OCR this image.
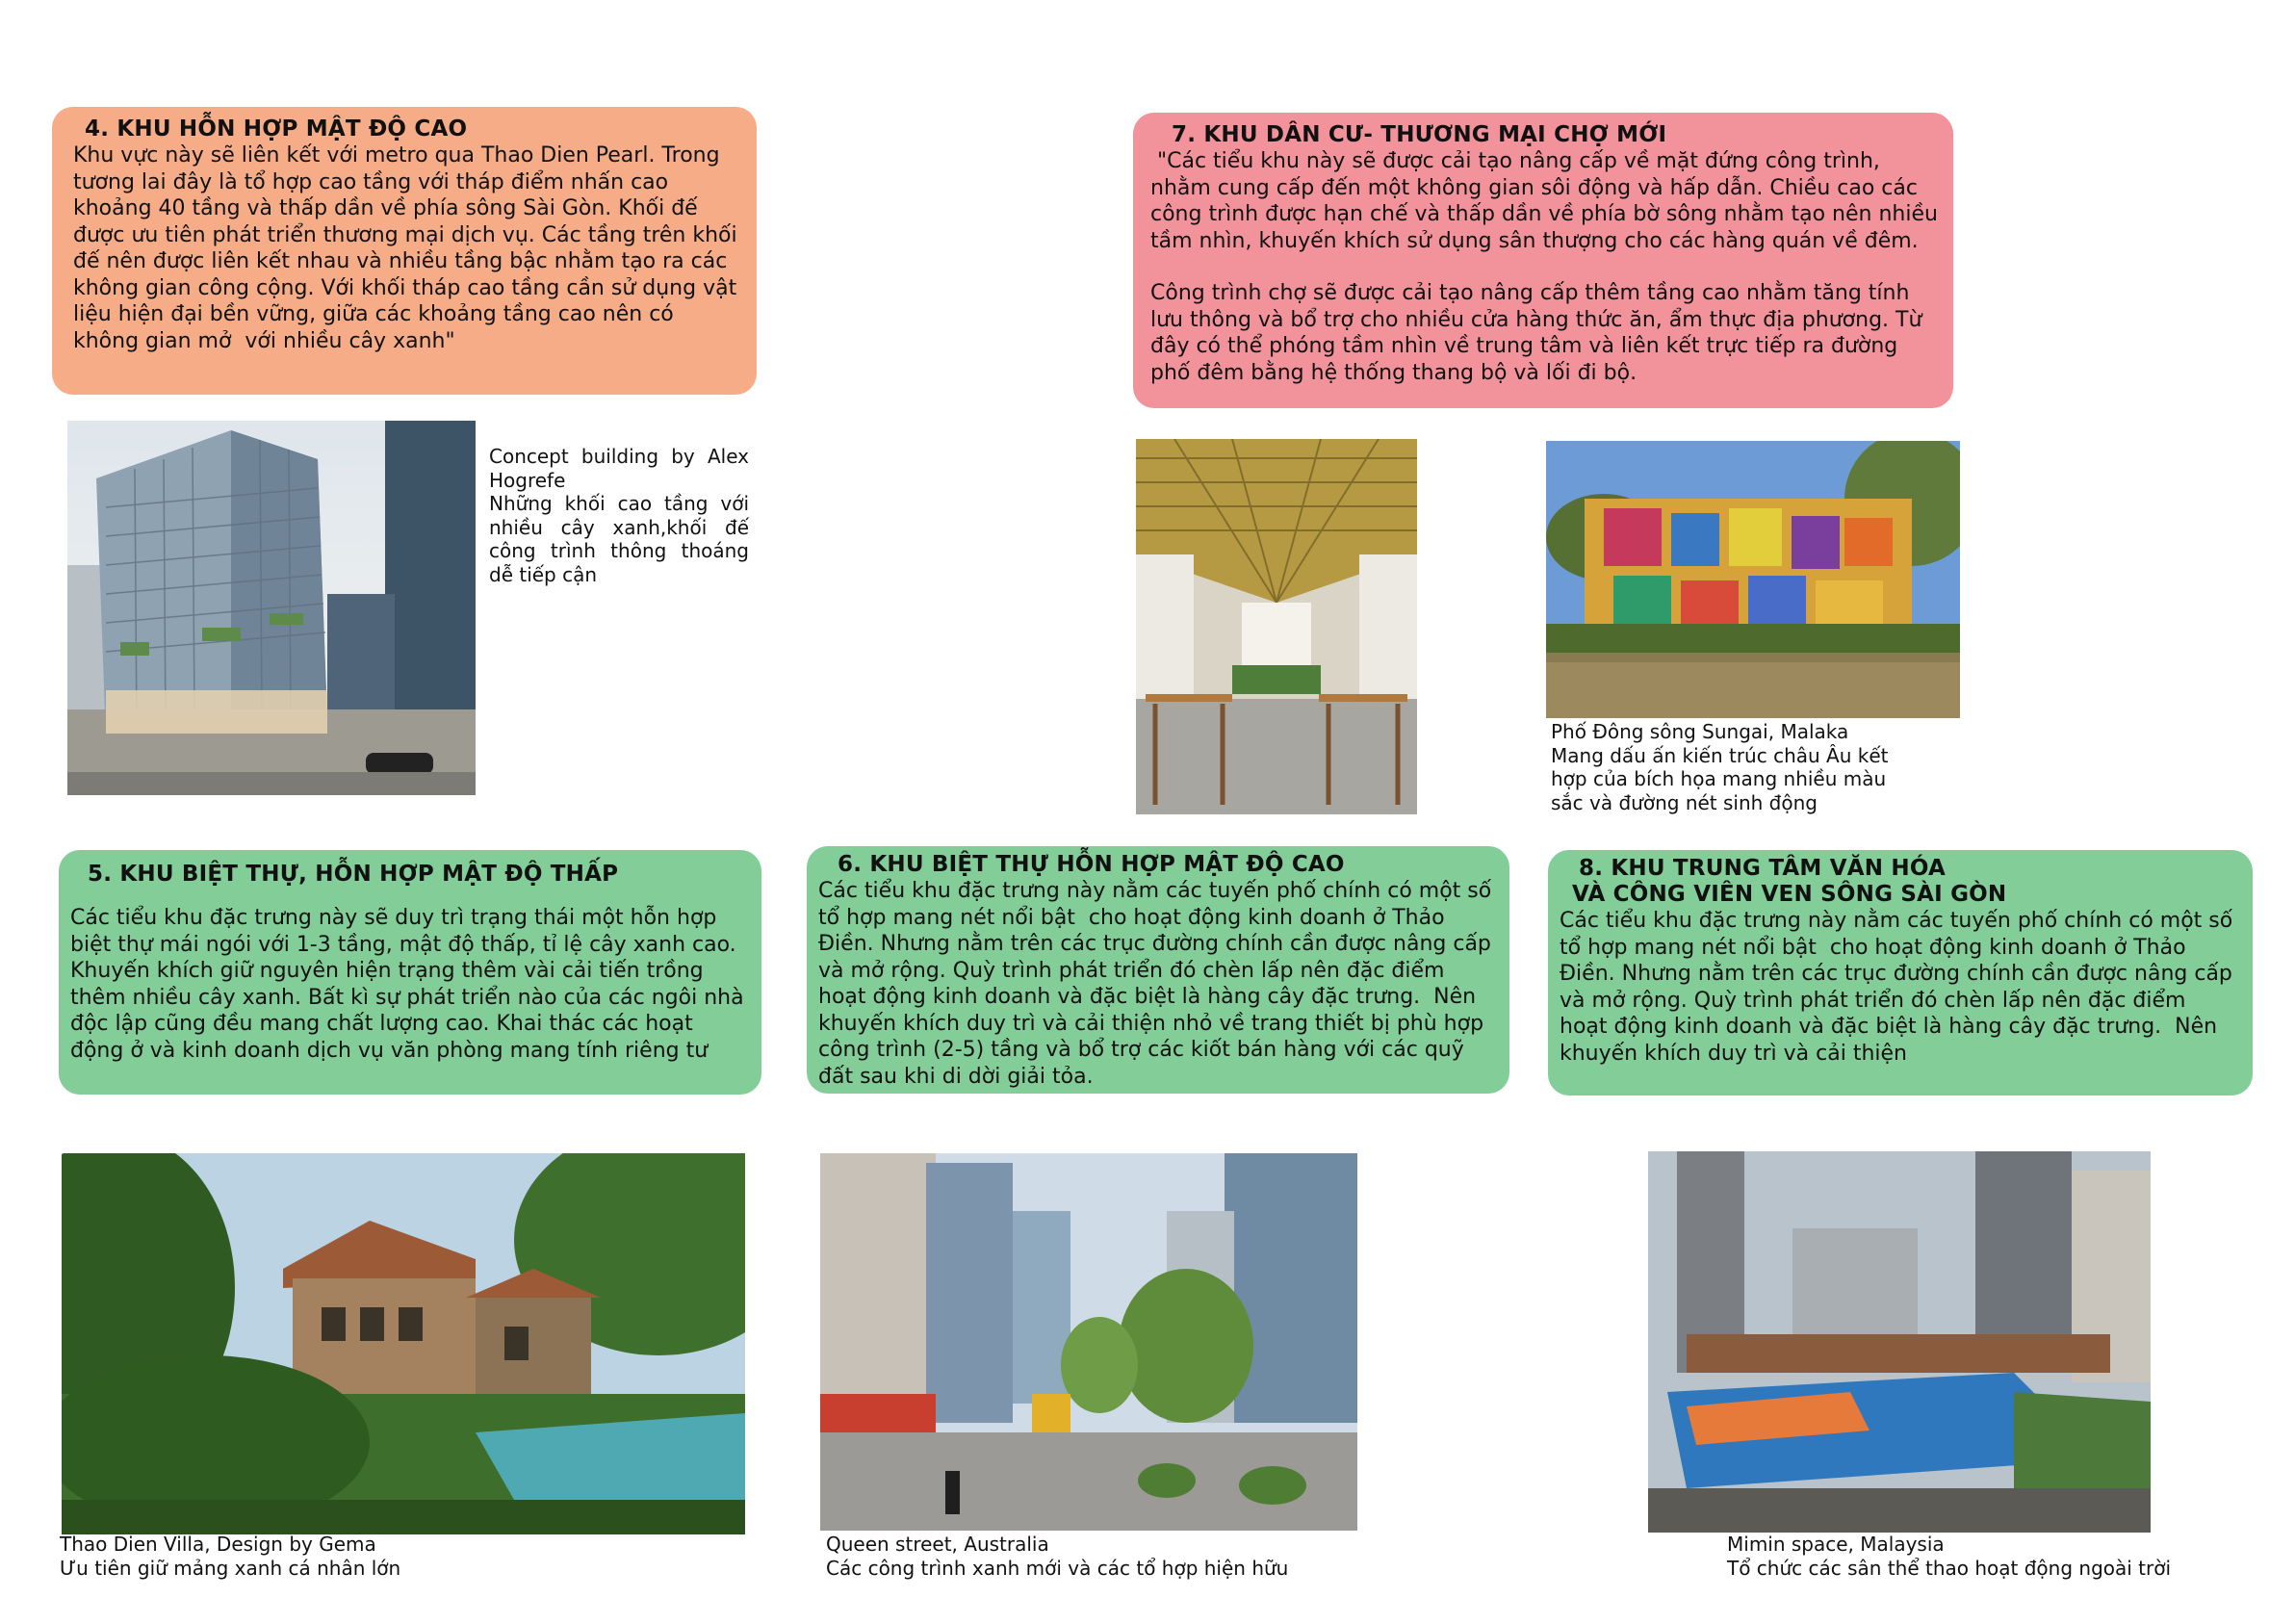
4. KHU HỖN HỢP MẬT ĐỘ CAO

Khu vực này sẽ liên kết với metro qua Thao Dien Pearl. Trong tương lai đây là tổ hợp cao tầng với tháp điểm nhấn cao khoảng 40 tầng và thấp dần về phía sông Sài Gòn. Khối đế được ưu tiên phát triển thương mại dịch vụ. Các tầng trên khối đế nên được liên kết nhau và nhiều tầng bậc nhằm tạo ra các không gian công cộng. Với khối tháp cao tầng cần sử dụng vật liệu hiện đại bền vững, giữa các khoảng tầng cao nên có không gian mở  với nhiều cây xanh"

7. KHU DÂN CƯ- THƯƠNG MẠI CHỢ MỚI

"Các tiểu khu này sẽ được cải tạo nâng cấp về mặt đứng công trình, nhằm cung cấp đến một không gian sôi động và hấp dẫn. Chiều cao các công trình được hạn chế và thấp dần về phía bờ sông nhằm tạo nên nhiều tầm nhìn, khuyến khích sử dụng sân thượng cho các hàng quán về đêm.

Công trình chợ sẽ được cải tạo nâng cấp thêm tầng cao nhằm tăng tính lưu thông và bổ trợ cho nhiều cửa hàng thức ăn, ẩm thực địa phương. Từ đây có thể phóng tầm nhìn về trung tâm và liên kết trực tiếp ra đường phố đêm bằng hệ thống thang bộ và lối đi bộ.

5. KHU BIỆT THỰ, HỖN HỢP MẬT ĐỘ THẤP

Các tiểu khu đặc trưng này sẽ duy trì trạng thái một hỗn hợp biệt thự mái ngói với 1-3 tầng, mật độ thấp, tỉ lệ cây xanh cao. Khuyến khích giữ nguyên hiện trạng thêm vài cải tiến trồng thêm nhiều cây xanh. Bất kì sự phát triển nào của các ngôi nhà độc lập cũng đều mang chất lượng cao. Khai thác các hoạt động ở và kinh doanh dịch vụ văn phòng mang tính riêng tư

6. KHU BIỆT THỰ HỖN HỢP MẬT ĐỘ CAO

Các tiểu khu đặc trưng này nằm các tuyến phố chính có một số tổ hợp mang nét nổi bật  cho hoạt động kinh doanh ở Thảo Điền. Nhưng nằm trên các trục đường chính cần được nâng cấp và mở rộng. Quỳ trình phát triển đó chèn lấp nên đặc điểm hoạt động kinh doanh và đặc biệt là hàng cây đặc trưng.  Nên khuyến khích duy trì và cải thiện nhỏ về trang thiết bị phù hợp công trình (2-5) tầng và bổ trợ các kiốt bán hàng với các quỹ đất sau khi di dời giải tỏa.

8. KHU TRUNG TÂM VĂN HÓA
VÀ CÔNG VIÊN VEN SÔNG SÀI GÒN

Các tiểu khu đặc trưng này nằm các tuyến phố chính có một số tổ hợp mang nét nổi bật  cho hoạt động kinh doanh ở Thảo Điền. Nhưng nằm trên các trục đường chính cần được nâng cấp và mở rộng. Quỳ trình phát triển đó chèn lấp nên đặc điểm hoạt động kinh doanh và đặc biệt là hàng cây đặc trưng.  Nên khuyến khích duy trì và cải thiện

Concept building by Alex Hogrefe
Những khối cao tầng với nhiều cây xanh,khối đế công trình thông thoáng dễ tiếp cận
Phố Đông sông Sungai, Malaka
Mang dấu ấn kiến trúc châu Âu kết hợp của bích họa mang nhiều màu sắc và đường nét sinh động
Thao Dien Villa, Design by Gema
Ưu tiên giữ mảng xanh cá nhân lớn
Queen street, Australia
Các công trình xanh mới và các tổ hợp hiện hữu
Mimin space, Malaysia
Tổ chức các sân thể thao hoạt động ngoài trời
